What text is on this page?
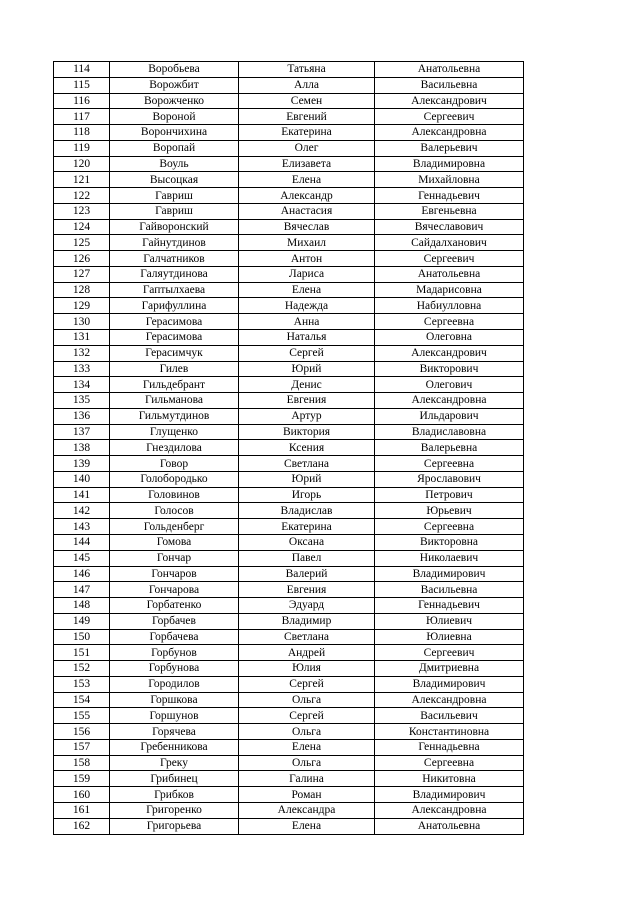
114	Воробьева	Татьяна	Анатольевна
115	Ворожбит	Алла	Васильевна
116	Ворожченко	Семен	Александрович
117	Вороной	Евгений	Сергеевич
118	Ворончихина	Екатерина	Александровна
119	Воропай	Олег	Валерьевич
120	Воуль	Елизавета	Владимировна
121	Высоцкая	Елена	Михайловна
122	Гавриш	Александр	Геннадьевич
123	Гавриш	Анастасия	Евгеньевна
124	Гайворонский	Вячеслав	Вячеславович
125	Гайнутдинов	Михаил	Сайдалханович
126	Галчатников	Антон	Сергеевич
127	Галяутдинова	Лариса	Анатольевна
128	Гаптылхаева	Елена	Мадарисовна
129	Гарифуллина	Надежда	Набиулловна
130	Герасимова	Анна	Сергеевна
131	Герасимова	Наталья	Олеговна
132	Герасимчук	Сергей	Александрович
133	Гилев	Юрий	Викторович
134	Гильдебрант	Денис	Олегович
135	Гильманова	Евгения	Александровна
136	Гильмутдинов	Артур	Ильдарович
137	Глущенко	Виктория	Владиславовна
138	Гнездилова	Ксения	Валерьевна
139	Говор	Светлана	Сергеевна
140	Голобородько	Юрий	Ярославович
141	Головинов	Игорь	Петрович
142	Голосов	Владислав	Юрьевич
143	Гольденберг	Екатерина	Сергеевна
144	Гомова	Оксана	Викторовна
145	Гончар	Павел	Николаевич
146	Гончаров	Валерий	Владимирович
147	Гончарова	Евгения	Васильевна
148	Горбатенко	Эдуард	Геннадьевич
149	Горбачев	Владимир	Юлиевич
150	Горбачева	Светлана	Юлиевна
151	Горбунов	Андрей	Сергеевич
152	Горбунова	Юлия	Дмитриевна
153	Городилов	Сергей	Владимирович
154	Горшкова	Ольга	Александровна
155	Горшунов	Сергей	Васильевич
156	Горячева	Ольга	Константиновна
157	Гребенникова	Елена	Геннадьевна
158	Греку	Ольга	Сергеевна
159	Грибинец	Галина	Никитовна
160	Грибков	Роман	Владимирович
161	Григоренко	Александра	Александровна
162	Григорьева	Елена	Анатольевна
